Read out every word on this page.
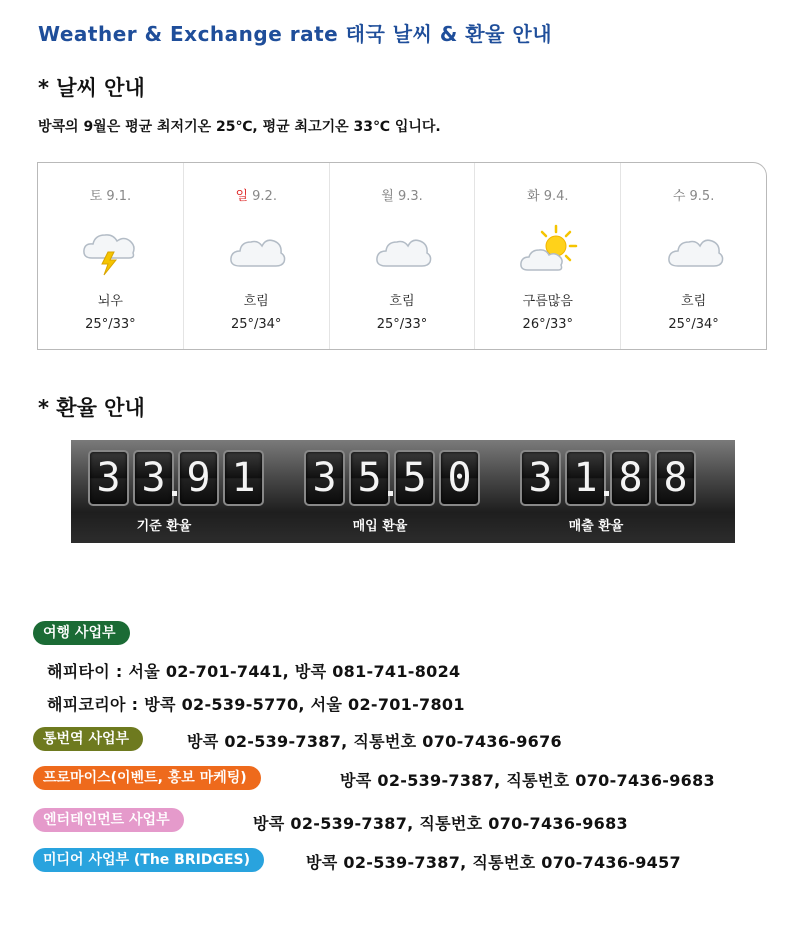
Weather & Exchange rate 태국 날씨 & 환율 안내
* 날씨 안내
방콕의 9월은 평균 최저기온 25℃, 평균 최고기온 33℃ 입니다.
토 9.1.
뇌우
25°/33°
일 9.2.
흐림
25°/34°
월 9.3.
흐림
25°/33°
화 9.4.
구름많음
26°/33°
수 9.5.
흐림
25°/34°
* 환율 안내
3 3 9 1
기준 환율
3 5 5 0
매입 환율
3 1 8 8
매출 환율
여행 사업부
해피타이 : 서울 02-701-7441, 방콕 081-741-8024
해피코리아 : 방콕 02-539-5770, 서울 02-701-7801
통번역 사업부	방콕 02-539-7387, 직통번호 070-7436-9676
프로마이스(이벤트, 홍보 마케팅)	방콕 02-539-7387, 직통번호 070-7436-9683
엔터테인먼트 사업부	방콕 02-539-7387, 직통번호 070-7436-9683
미디어 사업부 (The BRIDGES)	방콕 02-539-7387, 직통번호 070-7436-9457
